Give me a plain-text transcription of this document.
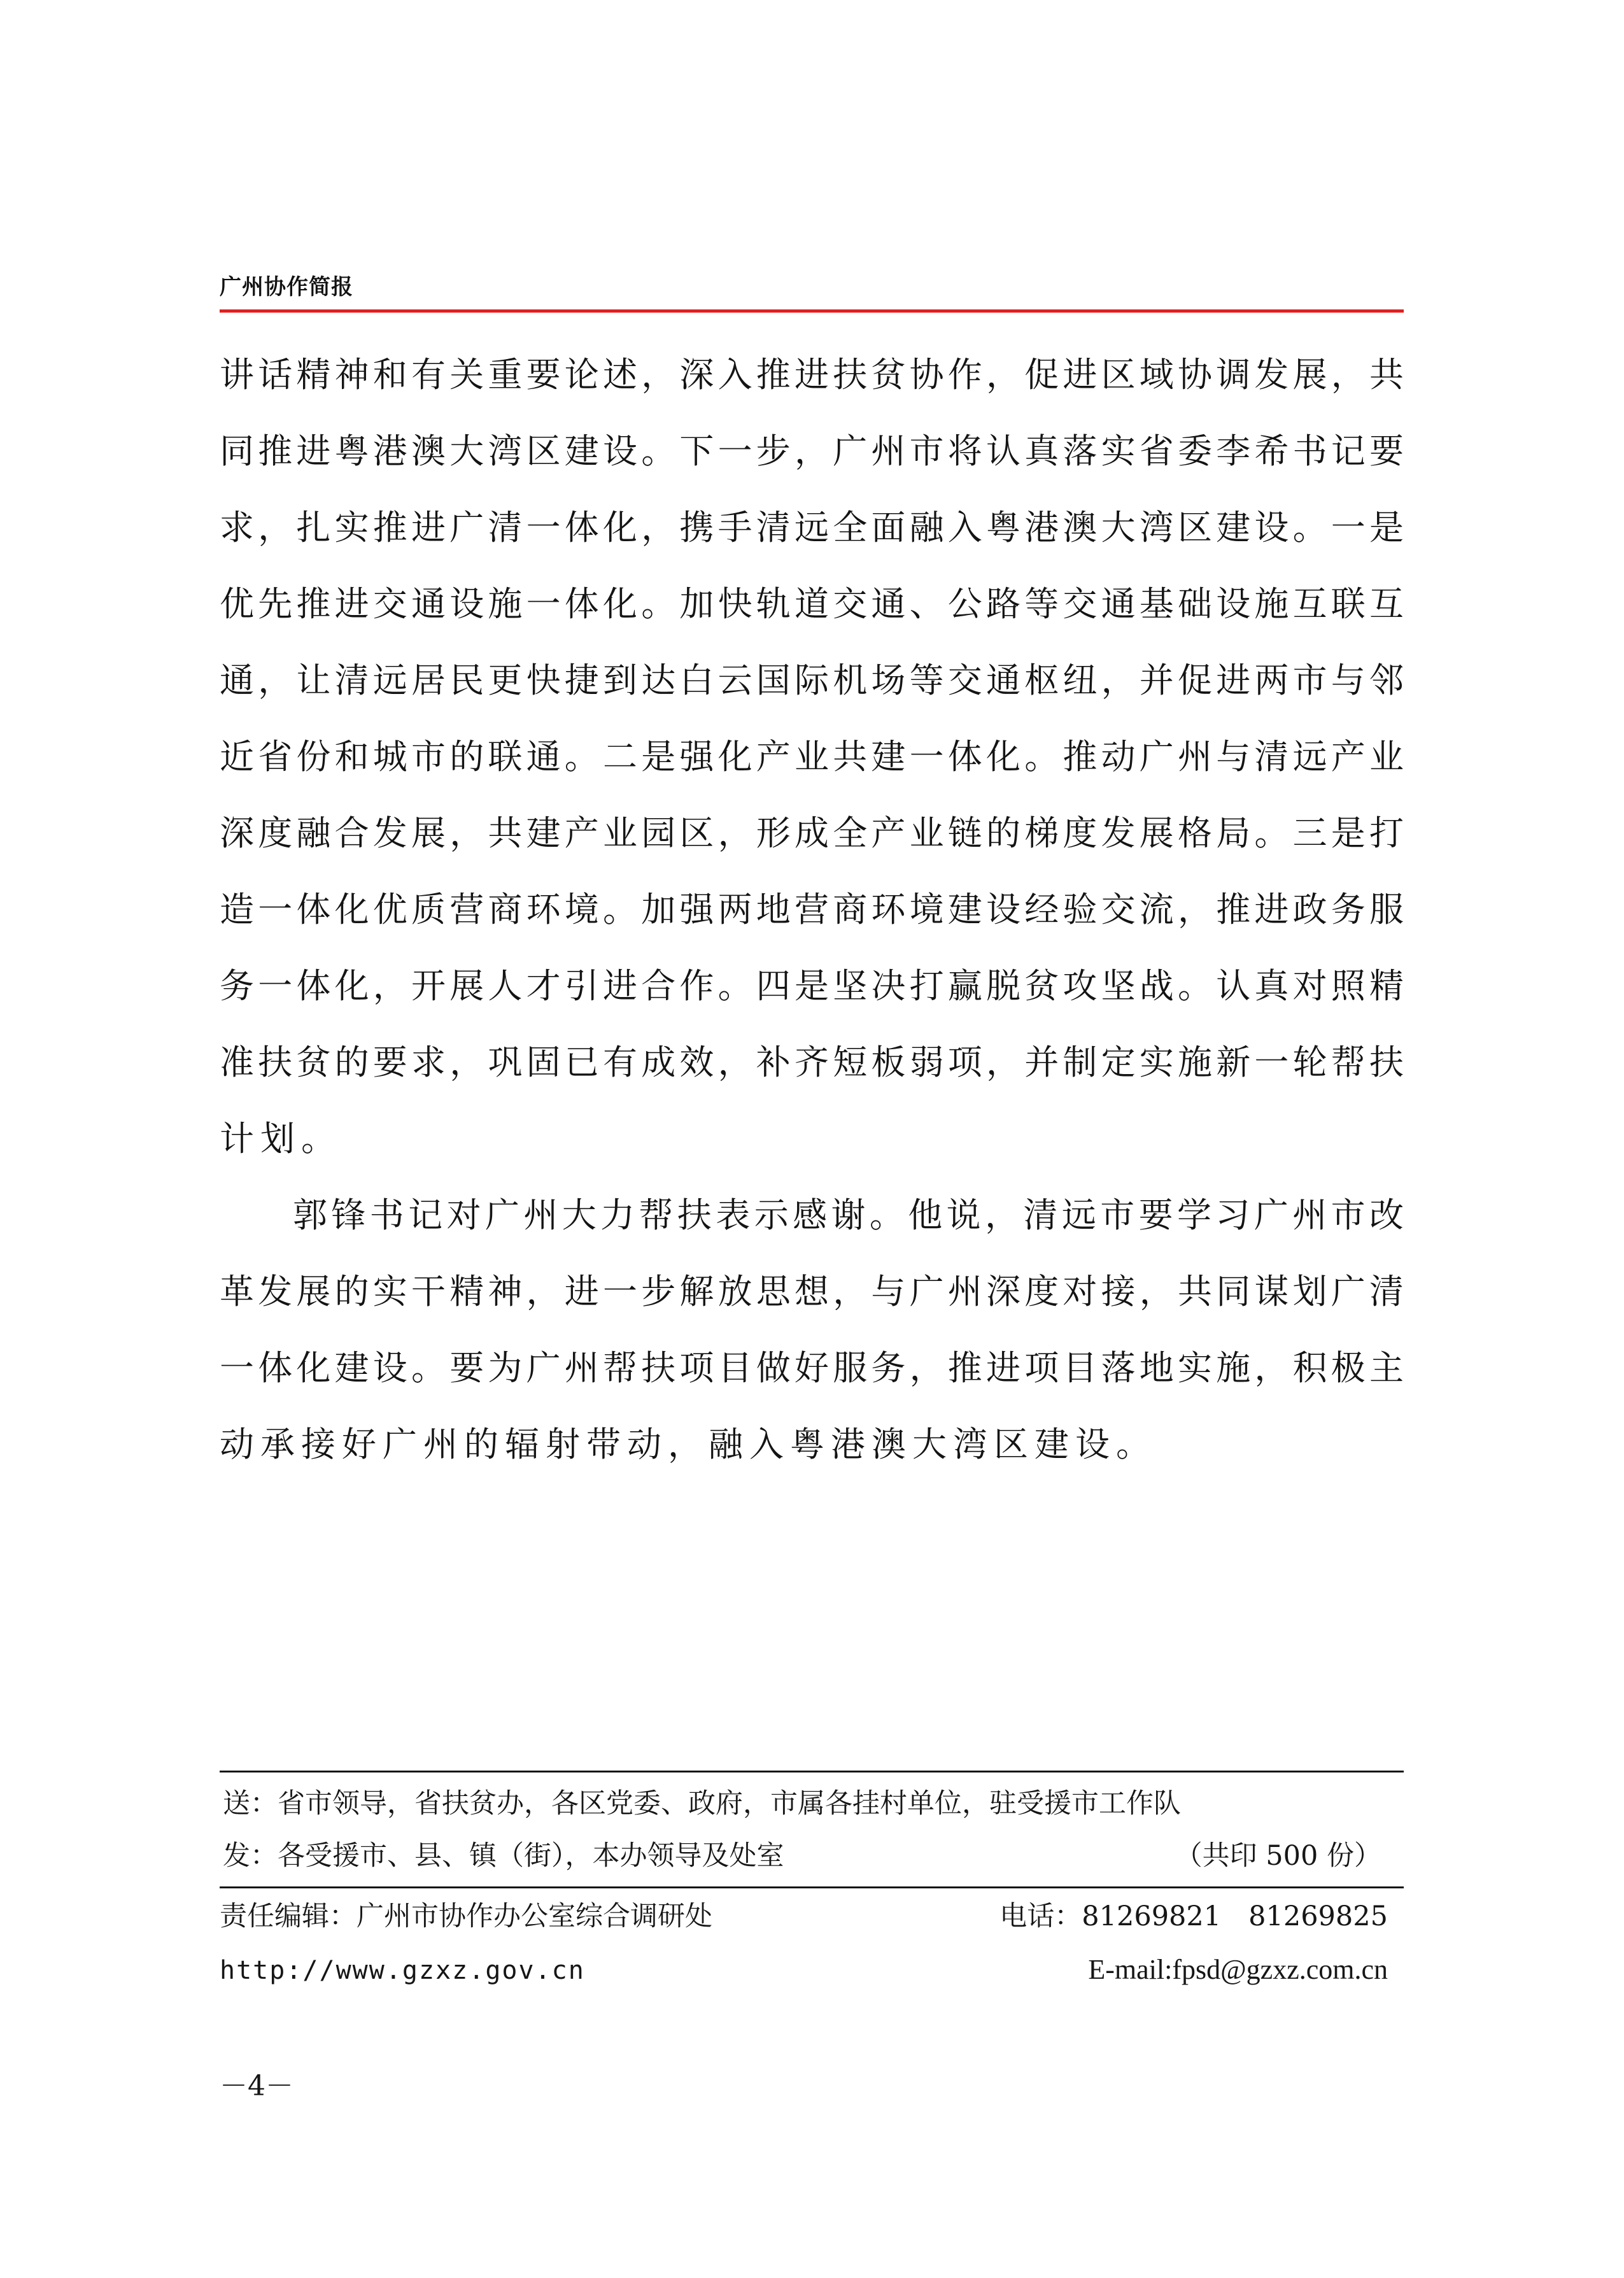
广州协作简报
讲话精神和有关重要论述，深入推进扶贫协作，促进区域协调发展，共
同推进粤港澳大湾区建设。下一步，广州市将认真落实省委李希书记要
求，扎实推进广清一体化，携手清远全面融入粤港澳大湾区建设。一是
优先推进交通设施一体化。加快轨道交通、公路等交通基础设施互联互
通，让清远居民更快捷到达白云国际机场等交通枢纽，并促进两市与邻
近省份和城市的联通。二是强化产业共建一体化。推动广州与清远产业
深度融合发展，共建产业园区，形成全产业链的梯度发展格局。三是打
造一体化优质营商环境。加强两地营商环境建设经验交流，推进政务服
务一体化，开展人才引进合作。四是坚决打赢脱贫攻坚战。认真对照精
准扶贫的要求，巩固已有成效，补齐短板弱项，并制定实施新一轮帮扶
计划。
郭锋书记对广州大力帮扶表示感谢。他说，清远市要学习广州市改
革发展的实干精神，进一步解放思想，与广州深度对接，共同谋划广清
一体化建设。要为广州帮扶项目做好服务，推进项目落地实施，积极主
动承接好广州的辐射带动，融入粤港澳大湾区建设。
送：省市领导，省扶贫办，各区党委、政府，市属各挂村单位，驻受援市工作队
发：各受援市、县、镇（街），本办领导及处室	（共印 500 份）
责任编辑：广州市协作办公室综合调研处	电话：81269821　81269825
http://www.gzxz.gov.cn	E-mail:fpsd@gzxz.com.cn
－4－
